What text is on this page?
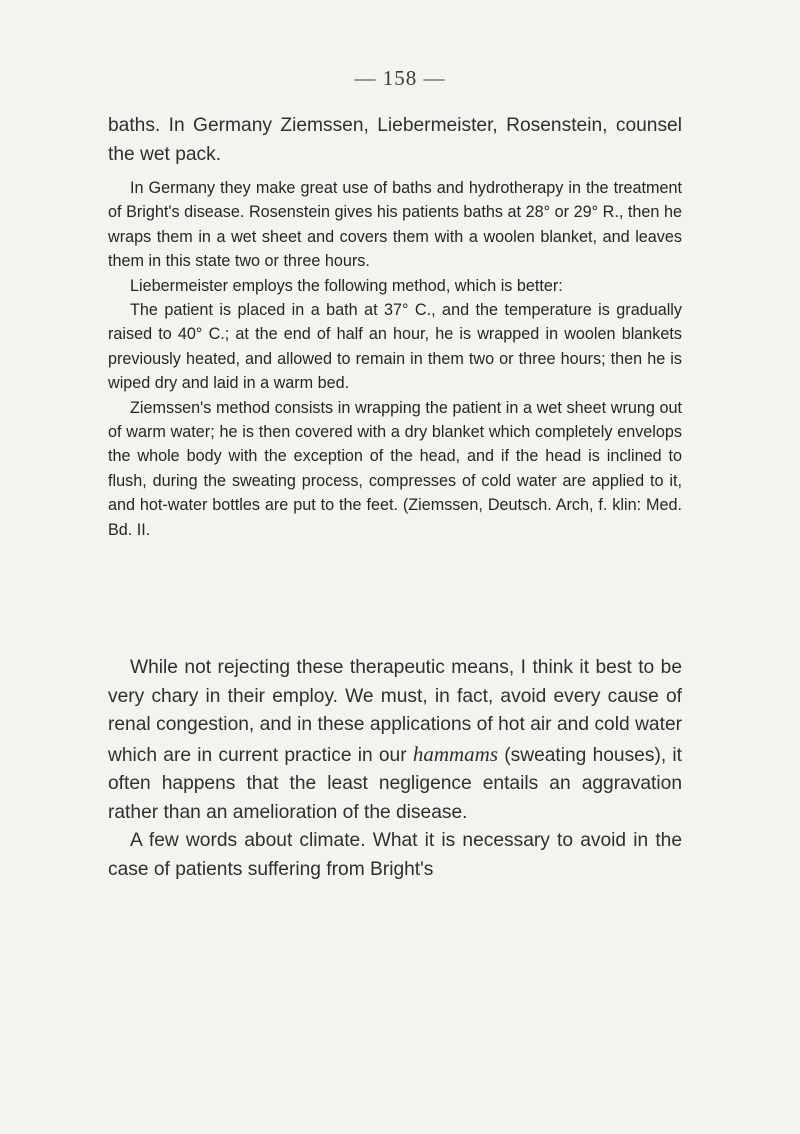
— 158 —

baths. In Germany Ziemssen, Liebermeister, Rosenstein, counsel the wet pack.

In Germany they make great use of baths and hydrotherapy in the treatment of Bright's disease. Rosenstein gives his patients baths at 28° or 29° R., then he wraps them in a wet sheet and covers them with a woolen blanket, and leaves them in this state two or three hours.

Liebermeister employs the following method, which is better:

The patient is placed in a bath at 37° C., and the temperature is gradually raised to 40° C.; at the end of half an hour, he is wrapped in woolen blankets previously heated, and allowed to remain in them two or three hours; then he is wiped dry and laid in a warm bed.

Ziemssen's method consists in wrapping the patient in a wet sheet wrung out of warm water; he is then covered with a dry blanket which completely envelops the whole body with the exception of the head, and if the head is inclined to flush, during the sweating process, compresses of cold water are applied to it, and hot-water bottles are put to the feet. (Ziemssen, Deutsch. Arch, f. klin: Med. Bd. II.

While not rejecting these therapeutic means, I think it best to be very chary in their employ. We must, in fact, avoid every cause of renal congestion, and in these applications of hot air and cold water which are in current practice in our hammams (sweating houses), it often happens that the least negligence entails an aggravation rather than an amelioration of the disease.

A few words about climate. What it is necessary to avoid in the case of patients suffering from Bright's
